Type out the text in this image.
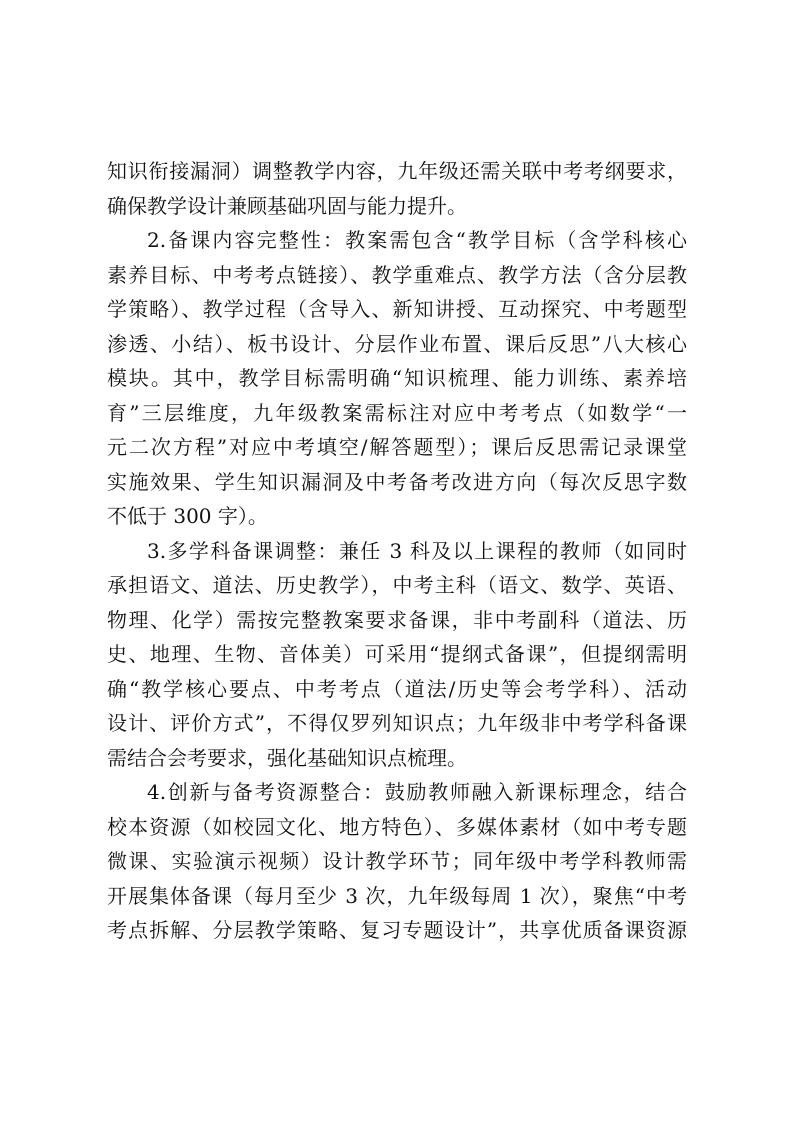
知识衔接漏洞）调整教学内容，九年级还需关联中考考纲要求，
确保教学设计兼顾基础巩固与能力提升。
2.备课内容完整性：教案需包含“教学目标（含学科核心
素养目标、中考考点链接）、教学重难点、教学方法（含分层教
学策略）、教学过程（含导入、新知讲授、互动探究、中考题型
渗透、小结）、板书设计、分层作业布置、课后反思”八大核心
模块。其中，教学目标需明确“知识梳理、能力训练、素养培
育”三层维度，九年级教案需标注对应中考考点（如数学“一
元二次方程”对应中考填空/解答题型）；课后反思需记录课堂
实施效果、学生知识漏洞及中考备考改进方向（每次反思字数
不低于 300 字）。
3.多学科备课调整：兼任 3 科及以上课程的教师（如同时
承担语文、道法、历史教学），中考主科（语文、数学、英语、
物理、化学）需按完整教案要求备课，非中考副科（道法、历
史、地理、生物、音体美）可采用“提纲式备课”，但提纲需明
确“教学核心要点、中考考点（道法/历史等会考学科）、活动
设计、评价方式”，不得仅罗列知识点；九年级非中考学科备课
需结合会考要求，强化基础知识点梳理。
4.创新与备考资源整合：鼓励教师融入新课标理念，结合
校本资源（如校园文化、地方特色）、多媒体素材（如中考专题
微课、实验演示视频）设计教学环节；同年级中考学科教师需
开展集体备课（每月至少 3 次，九年级每周 1 次），聚焦“中考
考点拆解、分层教学策略、复习专题设计”，共享优质备课资源
